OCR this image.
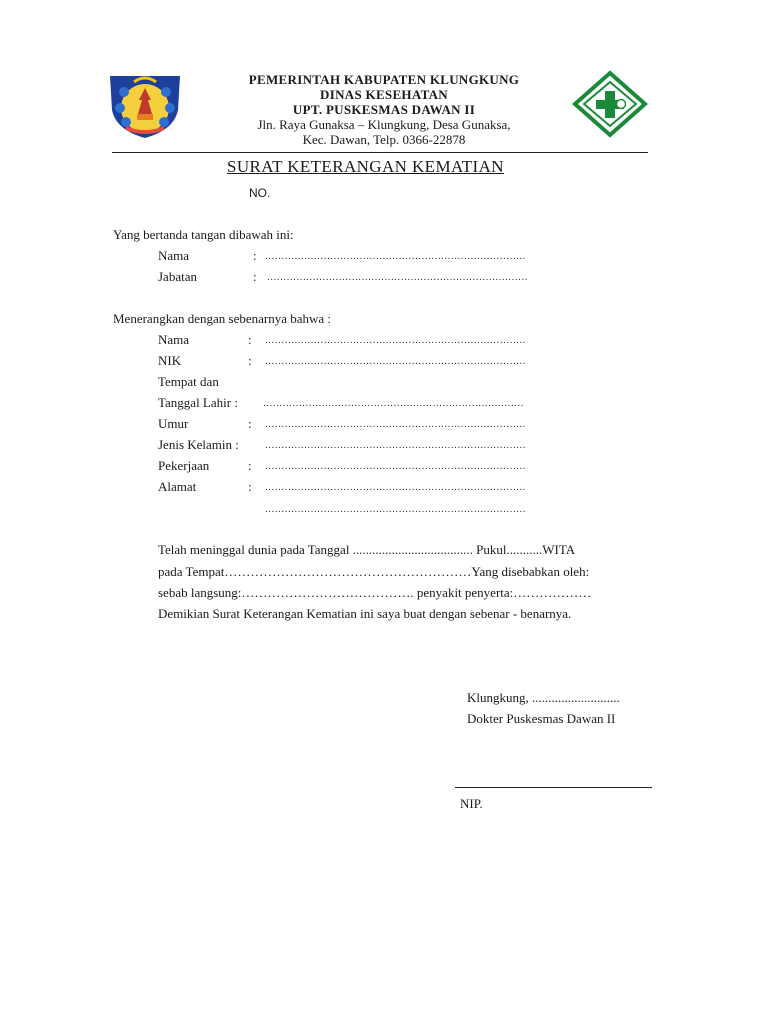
PEMERINTAH KABUPATEN KLUNGKUNG
DINAS KESEHATAN
UPT. PUSKESMAS DAWAN II
Jln. Raya Gunaksa – Klungkung, Desa Gunaksa,
Kec. Dawan, Telp. 0366-22878
SURAT KETERANGAN KEMATIAN
NO.
Yang bertanda tangan dibawah ini:
Nama	: ................................................................................
Jabatan	: ................................................................................
Menerangkan dengan sebenarnya bahwa :
Nama	: ................................................................................
NIK	: ................................................................................
Tempat dan
Tanggal Lahir :	................................................................................
Umur	: ................................................................................
Jenis Kelamin :	................................................................................
Pekerjaan	: ................................................................................
Alamat	: ................................................................................
................................................................................
Telah meninggal dunia pada Tanggal ..................................... Pukul...........WITA
pada Tempat…………………………………………………Yang disebabkan oleh:
sebab langsung:…………………………………. penyakit penyerta:………………
Demikian Surat Keterangan Kematian ini saya buat dengan sebenar - benarnya.
Klungkung, ...........................
Dokter Puskesmas Dawan II
NIP.
